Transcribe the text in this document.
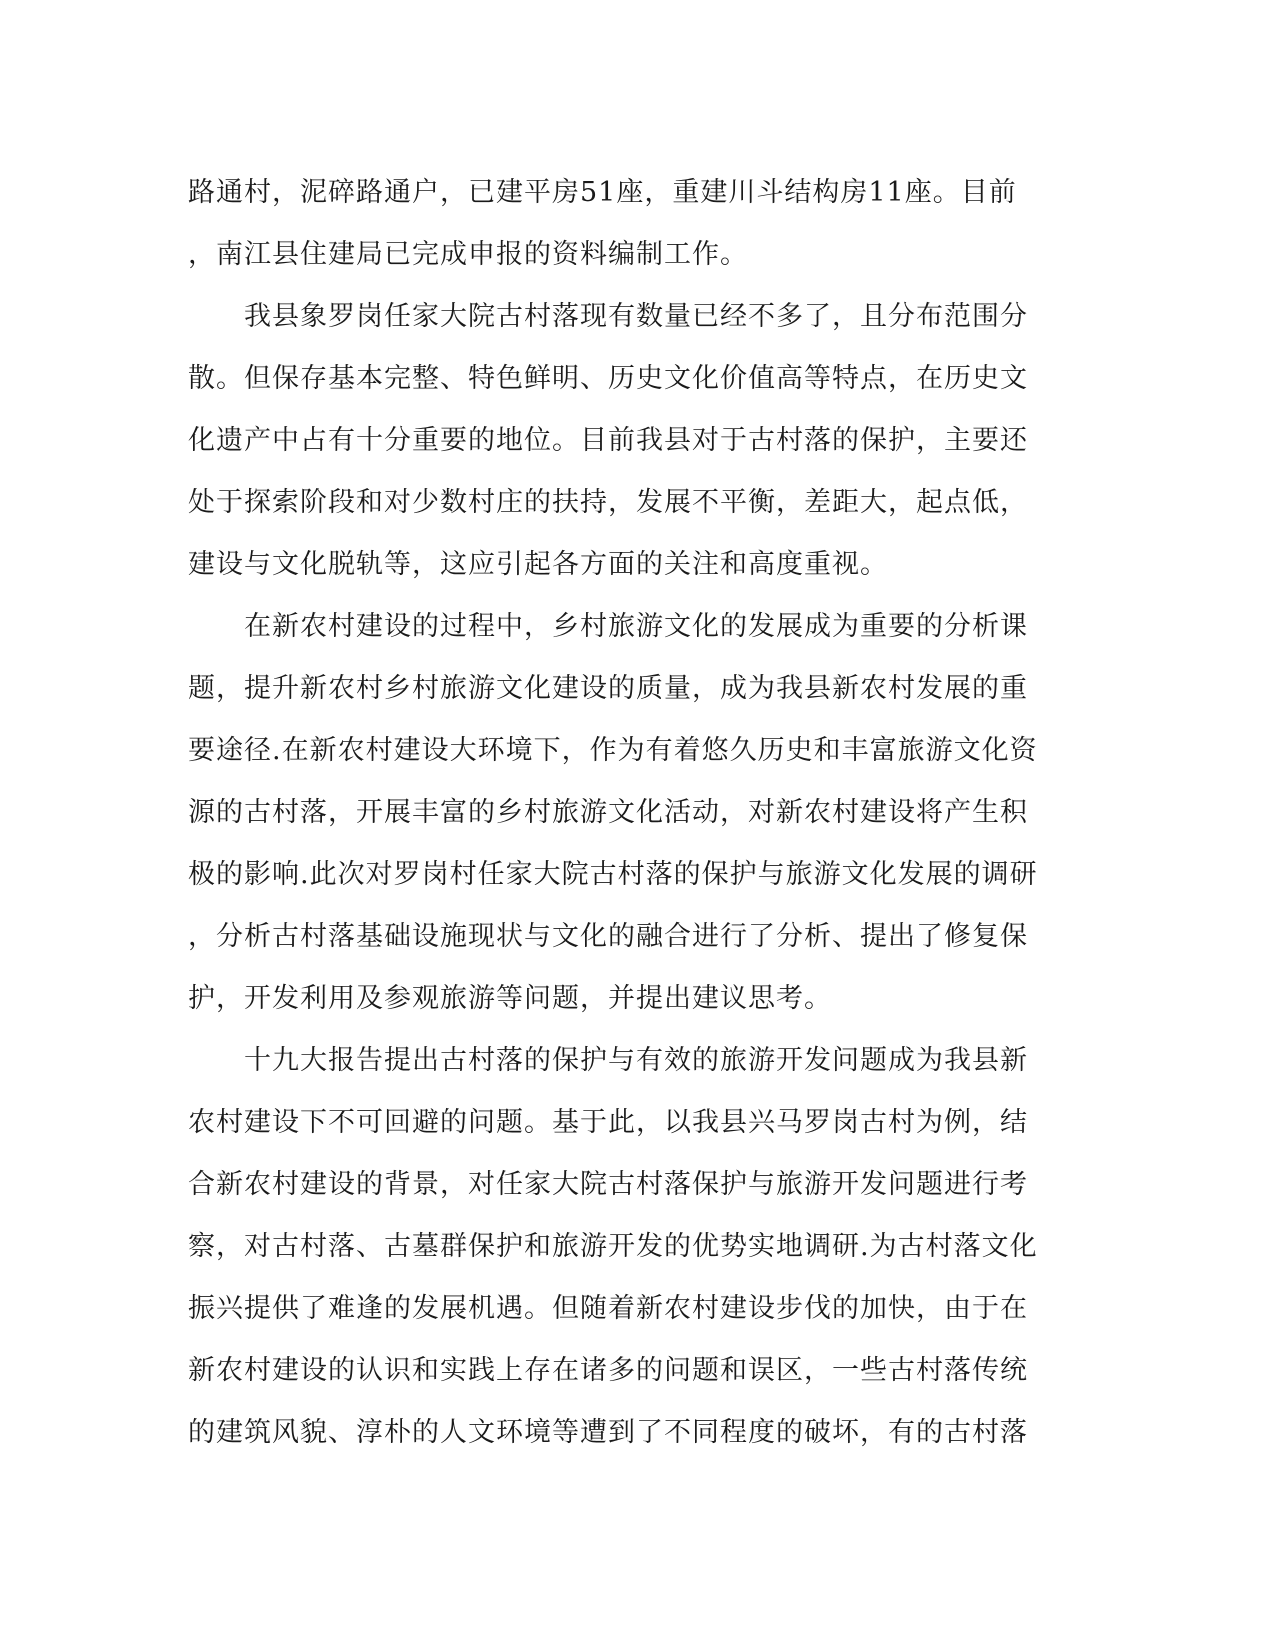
路通村，泥碎路通户，已建平房51座，重建川斗结构房11座。目前
，南江县住建局已完成申报的资料编制工作。
　　我县象罗岗任家大院古村落现有数量已经不多了，且分布范围分
散。但保存基本完整、特色鲜明、历史文化价值高等特点，在历史文
化遗产中占有十分重要的地位。目前我县对于古村落的保护，主要还
处于探索阶段和对少数村庄的扶持，发展不平衡，差距大，起点低，
建设与文化脱轨等，这应引起各方面的关注和高度重视。
　　在新农村建设的过程中，乡村旅游文化的发展成为重要的分析课
题，提升新农村乡村旅游文化建设的质量，成为我县新农村发展的重
要途径.在新农村建设大环境下，作为有着悠久历史和丰富旅游文化资
源的古村落，开展丰富的乡村旅游文化活动，对新农村建设将产生积
极的影响.此次对罗岗村任家大院古村落的保护与旅游文化发展的调研
，分析古村落基础设施现状与文化的融合进行了分析、提出了修复保
护，开发利用及参观旅游等问题，并提出建议思考。
　　十九大报告提出古村落的保护与有效的旅游开发问题成为我县新
农村建设下不可回避的问题。基于此，以我县兴马罗岗古村为例，结
合新农村建设的背景，对任家大院古村落保护与旅游开发问题进行考
察，对古村落、古墓群保护和旅游开发的优势实地调研.为古村落文化
振兴提供了难逢的发展机遇。但随着新农村建设步伐的加快，由于在
新农村建设的认识和实践上存在诸多的问题和误区，一些古村落传统
的建筑风貌、淳朴的人文环境等遭到了不同程度的破坏，有的古村落
